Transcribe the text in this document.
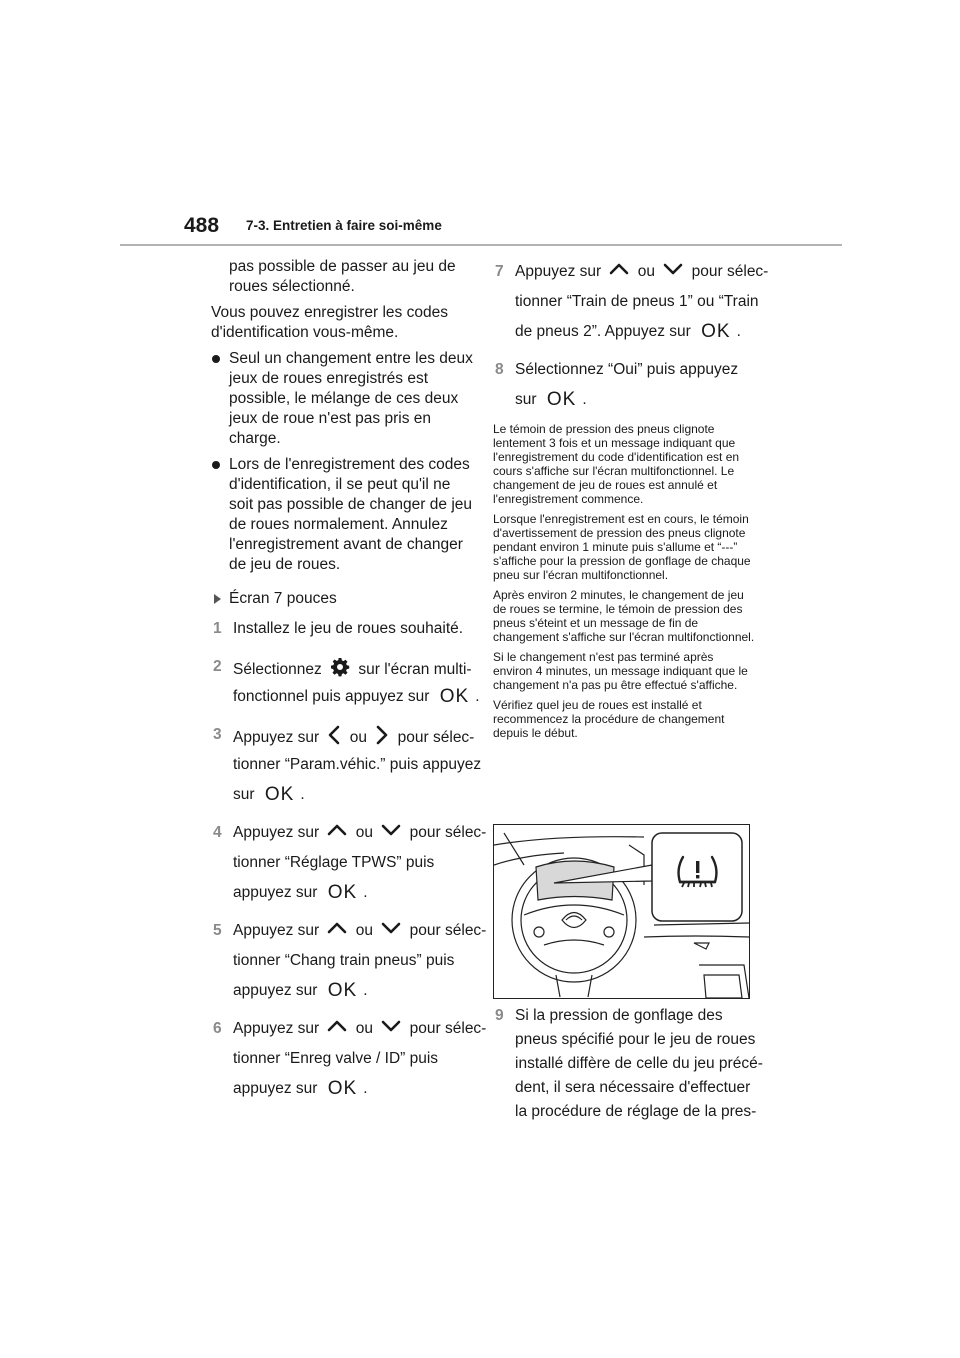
488 7-3. Entretien à faire soi-même

pas possible de passer au jeu de
roues sélectionné.

Vous pouvez enregistrer les codes d'identification vous-même.

Seul un changement entre les deux jeux de roues enregistrés est possible, le mélange de ces deux jeux de roue n'est pas pris en charge.
Lors de l'enregistrement des codes d'identification, il se peut qu'il ne soit pas possible de changer de jeu de roues normalement. Annulez l'enregistrement avant de changer de jeu de roues.
Écran 7 pouces
1 Installez le jeu de roues souhaité.
2 Sélectionnez sur l'écran multi-
fonctionnel puis appuyez sur OK .
3 Appuyez sur ou pour sélec-
tionner “Param.véhic.” puis appuyez
sur OK .
4 Appuyez sur ou pour sélec-
tionner “Réglage TPWS” puis
appuyez sur OK .
5 Appuyez sur ou pour sélec-
tionner “Chang train pneus” puis
appuyez sur OK .
6 Appuyez sur ou pour sélec-
tionner “Enreg valve / ID” puis
appuyez sur OK .
7 Appuyez sur ou pour sélec-
tionner “Train de pneus 1” ou “Train
de pneus 2”. Appuyez sur OK .
8 Sélectionnez “Oui” puis appuyez
sur OK .

Le témoin de pression des pneus clignote lentement 3 fois et un message indiquant que l'enregistrement du code d'identification est en cours s'affiche sur l'écran multifonctionnel. Le changement de jeu de roues est annulé et l'enregistrement commence.

Lorsque l'enregistrement est en cours, le témoin d'avertissement de pression des pneus clignote pendant environ 1 minute puis s'allume et “---” s'affiche pour la pression de gonflage de chaque pneu sur l'écran multifonctionnel.

Après environ 2 minutes, le changement de jeu de roues se termine, le témoin de pression des pneus s'éteint et un message de fin de changement s'affiche sur l'écran multifonctionnel.

Si le changement n'est pas terminé après environ 4 minutes, un message indiquant que le changement n'a pas pu être effectué s'affiche.

Vérifiez quel jeu de roues est installé et recommencez la procédure de changement depuis le début.

9 Si la pression de gonflage des
pneus spécifié pour le jeu de roues
installé diffère de celle du jeu précé-
dent, il sera nécessaire d'effectuer
la procédure de réglage de la pres-
